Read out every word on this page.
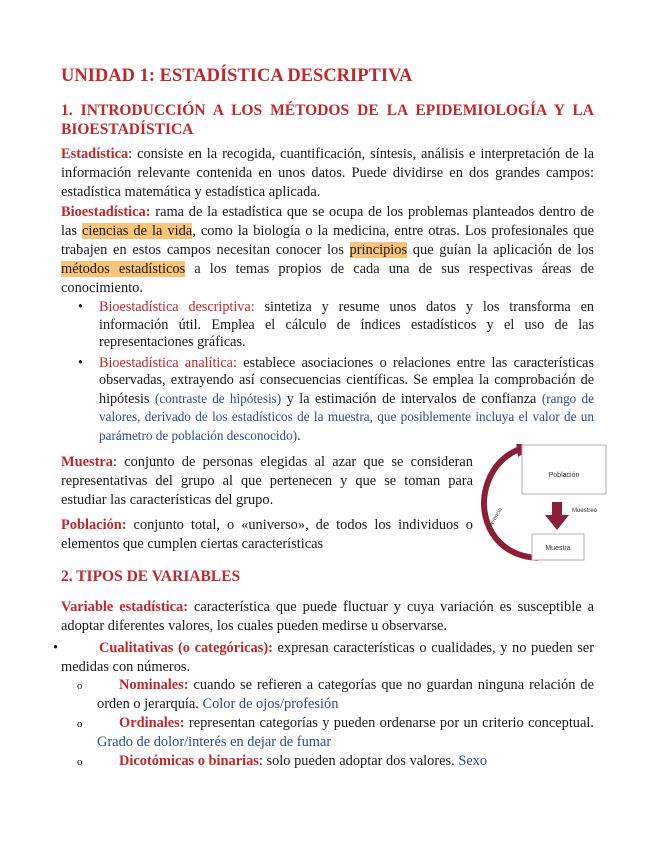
UNIDAD 1: ESTADÍSTICA DESCRIPTIVA
1. INTRODUCCIÓN A LOS MÉTODOS DE LA EPIDEMIOLOGÍA Y LA
BIOESTADÍSTICA

Estadística: consiste en la recogida, cuantificación, síntesis, análisis e interpretación de la información relevante contenida en unos datos. Puede dividirse en dos grandes campos: estadística matemática y estadística aplicada.

Bioestadística: rama de la estadística que se ocupa de los problemas planteados dentro de las ciencias de la vida, como la biología o la medicina, entre otras. Los profesionales que trabajen en estos campos necesitan conocer los principios que guían la aplicación de los métodos estadísticos a los temas propios de cada una de sus respectivas áreas de conocimiento.

• Bioestadística descriptiva: sintetiza y resume unos datos y los transforma en información útil. Emplea el cálculo de índices estadísticos y el uso de las representaciones gráficas.
• Bioestadística analítica: establece asociaciones o relaciones entre las características observadas, extrayendo así consecuencias científicas. Se emplea la comprobación de hipótesis (contraste de hipótesis) y la estimación de intervalos de confianza (rango de valores, derivado de los estadísticos de la muestra, que posiblemente incluya el valor de un parámetro de población desconocido).

Muestra: conjunto de personas elegidas al azar que se consideran representativas del grupo al que pertenecen y que se toman para estudiar las características del grupo.

Población: conjunto total, o «universo», de todos los individuos o elementos que cumplen ciertas características

2. TIPOS DE VARIABLES

Variable estadística: característica que puede fluctuar y cuya variación es susceptible a adoptar diferentes valores, los cuales pueden medirse u observarse.

•	Cualitativas (o categóricas): expresan características o cualidades, y no pueden ser medidas con números.

o	Nominales: cuando se refieren a categorías que no guardan ninguna relación de orden o jerarquía. Color de ojos/profesión

o	Ordinales: representan categorías y pueden ordenarse por un criterio conceptual. Grado de dolor/interés en dejar de fumar

o	Dicotómicas o binarias: solo pueden adoptar dos valores. Sexo

Población
Muestreo
Muestra
Inferencia
